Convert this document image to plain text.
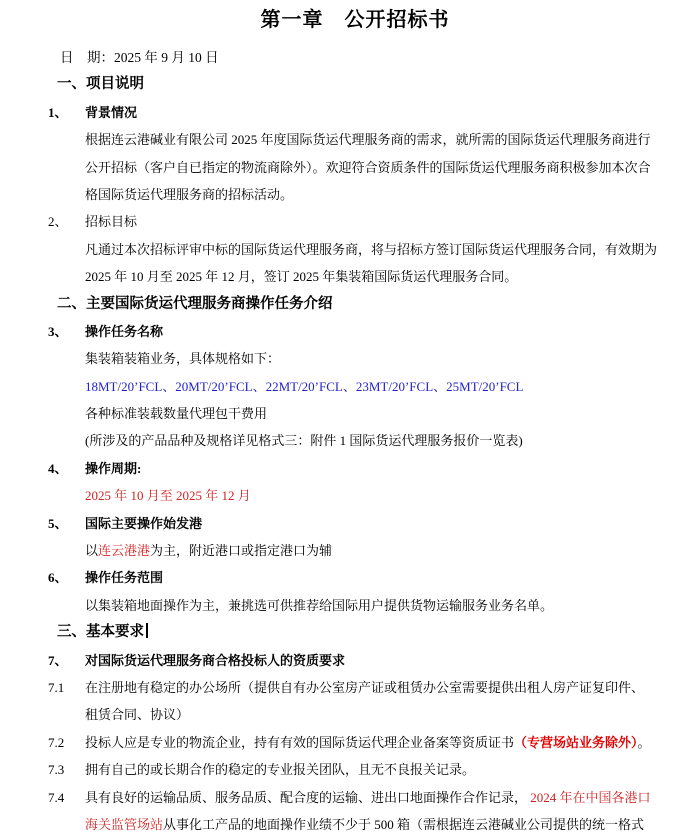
第一章　公开招标书
日　期：2025 年 9 月 10 日
一、项目说明
1、	背景情况
根据连云港碱业有限公司 2025 年度国际货运代理服务商的需求，就所需的国际货运代理服务商进行
公开招标（客户自已指定的物流商除外）。欢迎符合资质条件的国际货运代理服务商积极参加本次合
格国际货运代理服务商的招标活动。
2、	招标目标
凡通过本次招标评审中标的国际货运代理服务商，将与招标方签订国际货运代理服务合同，有效期为
2025 年 10 月至 2025 年 12 月，签订 2025 年集装箱国际货运代理服务合同。
二、主要国际货运代理服务商操作任务介绍
3、	操作任务名称
集装箱装箱业务，具体规格如下：
18MT/20’FCL、20MT/20’FCL、22MT/20’FCL、23MT/20’FCL、25MT/20’FCL
各种标准装载数量代理包干费用
(所涉及的产品品种及规格详见格式三：附件 1 国际货运代理服务报价一览表)
4、	操作周期:
2025 年 10 月至 2025 年 12 月
5、	国际主要操作始发港
以连云港港为主，附近港口或指定港口为辅
6、	操作任务范围
以集装箱地面操作为主，兼挑选可供推荐给国际用户提供货物运输服务业务名单。
三、基本要求
7、	对国际货运代理服务商合格投标人的资质要求
7.1	在注册地有稳定的办公场所（提供自有办公室房产证或租赁办公室需要提供出租人房产证复印件、
租赁合同、协议）
7.2	投标人应是专业的物流企业，持有有效的国际货运代理企业备案等资质证书（专营场站业务除外）。
7.3	拥有自己的或长期合作的稳定的专业报关团队，且无不良报关记录。
7.4	具有良好的运输品质、服务品质、配合度的运输、进出口地面操作合作记录， 2024 年在中国各港口
海关监管场站从事化工产品的地面操作业绩不少于 500 箱（需根据连云港碱业公司提供的统一格式
